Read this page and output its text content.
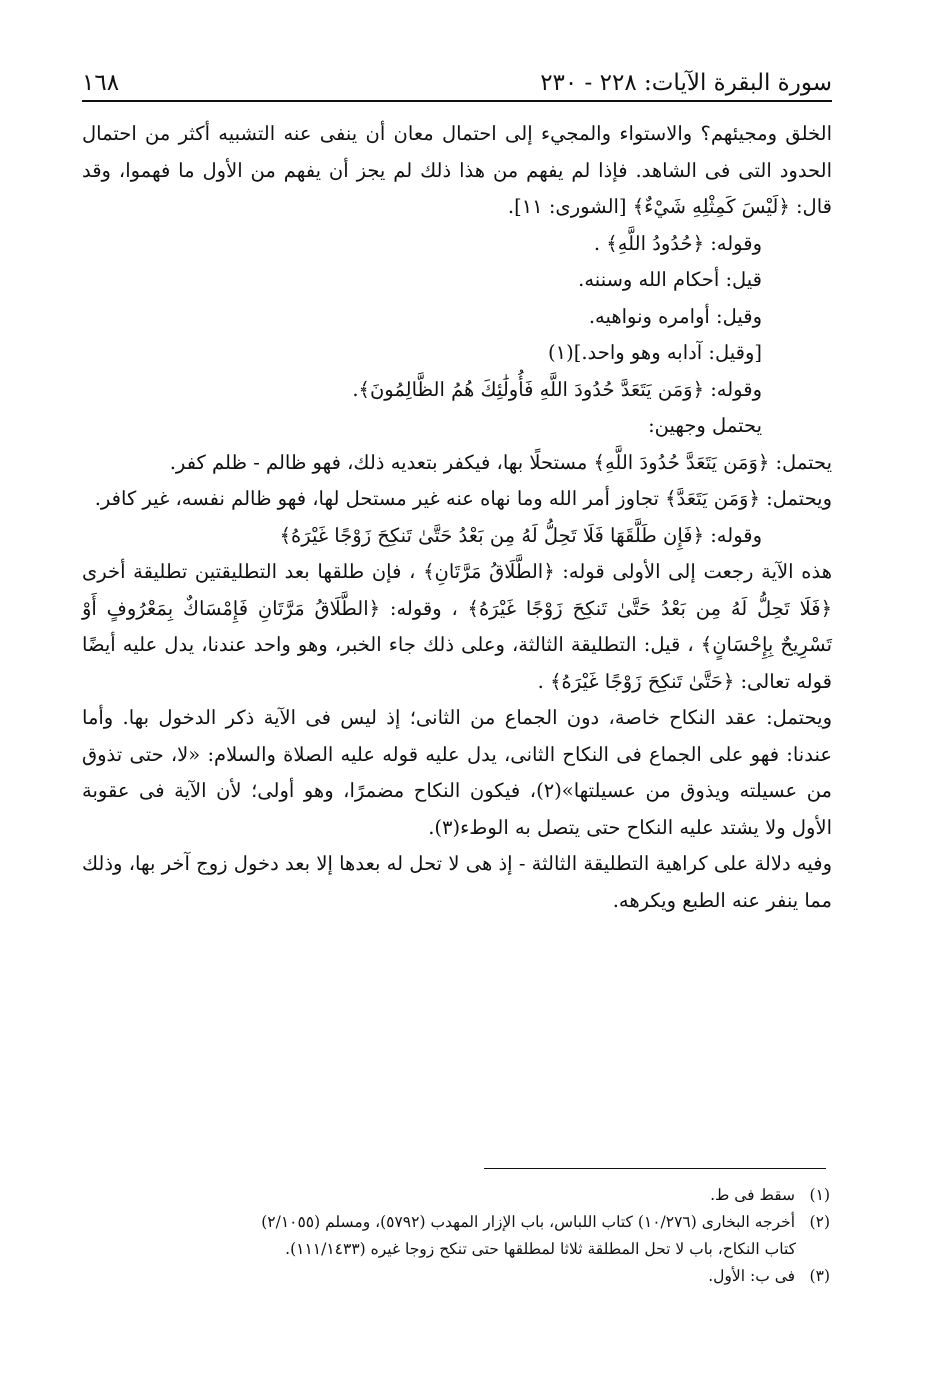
سورة البقرة الآيات: ٢٢٨ - ٢٣٠
١٦٨

الخلق ومجيئهم؟ والاستواء والمجيء إلى احتمال معان أن ينفى عنه التشبيه أكثر من احتمال الحدود التى فى الشاهد. فإذا لم يفهم من هذا ذلك لم يجز أن يفهم من الأول ما فهموا، وقد قال: ﴿لَيْسَ كَمِثْلِهِ شَيْءٌ﴾ [الشورى: ١١].

وقوله: ﴿حُدُودُ اللَّهِ﴾ .

قيل: أحكام الله وسننه.

وقيل: أوامره ونواهيه.

[وقيل: آدابه وهو واحد.](١)

وقوله: ﴿وَمَن يَتَعَدَّ حُدُودَ اللَّهِ فَأُولَٰئِكَ هُمُ الظَّالِمُونَ﴾.

يحتمل وجهين:

يحتمل: ﴿وَمَن يَتَعَدَّ حُدُودَ اللَّهِ﴾ مستحلًا بها، فيكفر بتعديه ذلك، فهو ظالم - ظلم كفر.

ويحتمل: ﴿وَمَن يَتَعَدَّ﴾ تجاوز أمر الله وما نهاه عنه غير مستحل لها، فهو ظالم نفسه، غير كافر.

وقوله: ﴿فَإِن طَلَّقَهَا فَلَا تَحِلُّ لَهُ مِن بَعْدُ حَتَّىٰ تَنكِحَ زَوْجًا غَيْرَهُ﴾

هذه الآية رجعت إلى الأولى قوله: ﴿الطَّلَاقُ مَرَّتَانِ﴾ ، فإن طلقها بعد التطليقتين تطليقة أخرى ﴿فَلَا تَحِلُّ لَهُ مِن بَعْدُ حَتَّىٰ تَنكِحَ زَوْجًا غَيْرَهُ﴾ ، وقوله: ﴿الطَّلَاقُ مَرَّتَانِ فَإِمْسَاكٌ بِمَعْرُوفٍ أَوْ تَسْرِيحٌ بِإِحْسَانٍ﴾ ، قيل: التطليقة الثالثة، وعلى ذلك جاء الخبر، وهو واحد عندنا، يدل عليه أيضًا قوله تعالى: ﴿حَتَّىٰ تَنكِحَ زَوْجًا غَيْرَهُ﴾ .

ويحتمل: عقد النكاح خاصة، دون الجماع من الثانى؛ إذ ليس فى الآية ذكر الدخول بها. وأما عندنا: فهو على الجماع فى النكاح الثانى، يدل عليه قوله عليه الصلاة والسلام: «لا، حتى تذوق من عسيلته ويذوق من عسيلتها»(٢)، فيكون النكاح مضمرًا، وهو أولى؛ لأن الآية فى عقوبة الأول ولا يشتد عليه النكاح حتى يتصل به الوطء(٣).

وفيه دلالة على كراهية التطليقة الثالثة - إذ هى لا تحل له بعدها إلا بعد دخول زوج آخر بها، وذلك مما ينفر عنه الطبع ويكرهه.

(١) سقط فى ط.

(٢) أخرجه البخارى (١٠/٢٧٦) كتاب اللباس، باب الإزار المهدب (٥٧٩٢)، ومسلم (٢/١٠٥٥)

كتاب النكاح، باب لا تحل المطلقة ثلاثا لمطلقها حتى تنكح زوجا غيره (١١١/١٤٣٣).

(٣) فى ب: الأول.
